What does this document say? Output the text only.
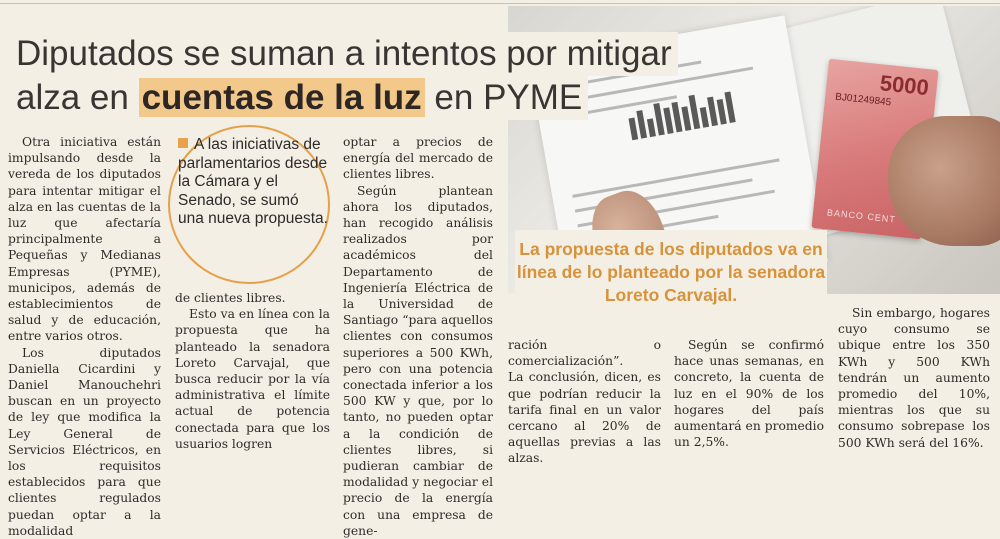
5000
BJ01249845
BANCO CENT
Diputados se suman a intentos por mitigar
alza en cuentas de la luz en PYME
La propuesta de los diputados va en línea de lo planteado por la senadora Loreto Carvajal.

Otra iniciativa están impulsando desde la vereda de los diputados para intentar mitigar el alza en las cuentas de la luz que afectaría principalmente a Pequeñas y Medianas Empresas (PYME), municipos, además de establecimientos de salud y de educación, entre varios otros.

Los diputados Daniella Cicardini y Daniel Manouchehri buscan en un proyecto de ley que modifica la Ley General de Servicios Eléctricos, en los requisitos establecidos para que clientes regulados puedan optar a la modalidad

A las iniciativas de parlamentarios desde la Cámara y el Senado, se sumó una nueva propuesta.

de clientes libres.

Esto va en línea con la propuesta que ha planteado la senadora Loreto Carvajal, que busca reducir por la vía administrativa el límite actual de potencia conectada para que los usuarios logren

optar a precios de energía del mercado de clientes libres.

Según plantean ahora los diputados, han recogido análisis realizados por académicos del Departamento de Ingeniería Eléctrica de la Universidad de Santiago “para aquellos clientes con consumos superiores a 500 KWh, pero con una potencia conectada inferior a los 500 KW y que, por lo tanto, no pueden optar a la condición de clientes libres, si pudieran cambiar de modalidad y negociar el precio de la energía con una empresa de gene-

ración o comercialización”.

La conclusión, dicen, es que podrían reducir la tarifa final en un valor cercano al 20% de aquellas previas a las alzas.

Según se confirmó hace unas semanas, en concreto, la cuenta de luz en el 90% de los hogares del país aumentará en promedio un 2,5%.

Sin embargo, hogares cuyo consumo se ubique entre los 350 KWh y 500 KWh tendrán un aumento promedio del 10%, mientras los que su consumo sobrepase los 500 KWh será del 16%.
